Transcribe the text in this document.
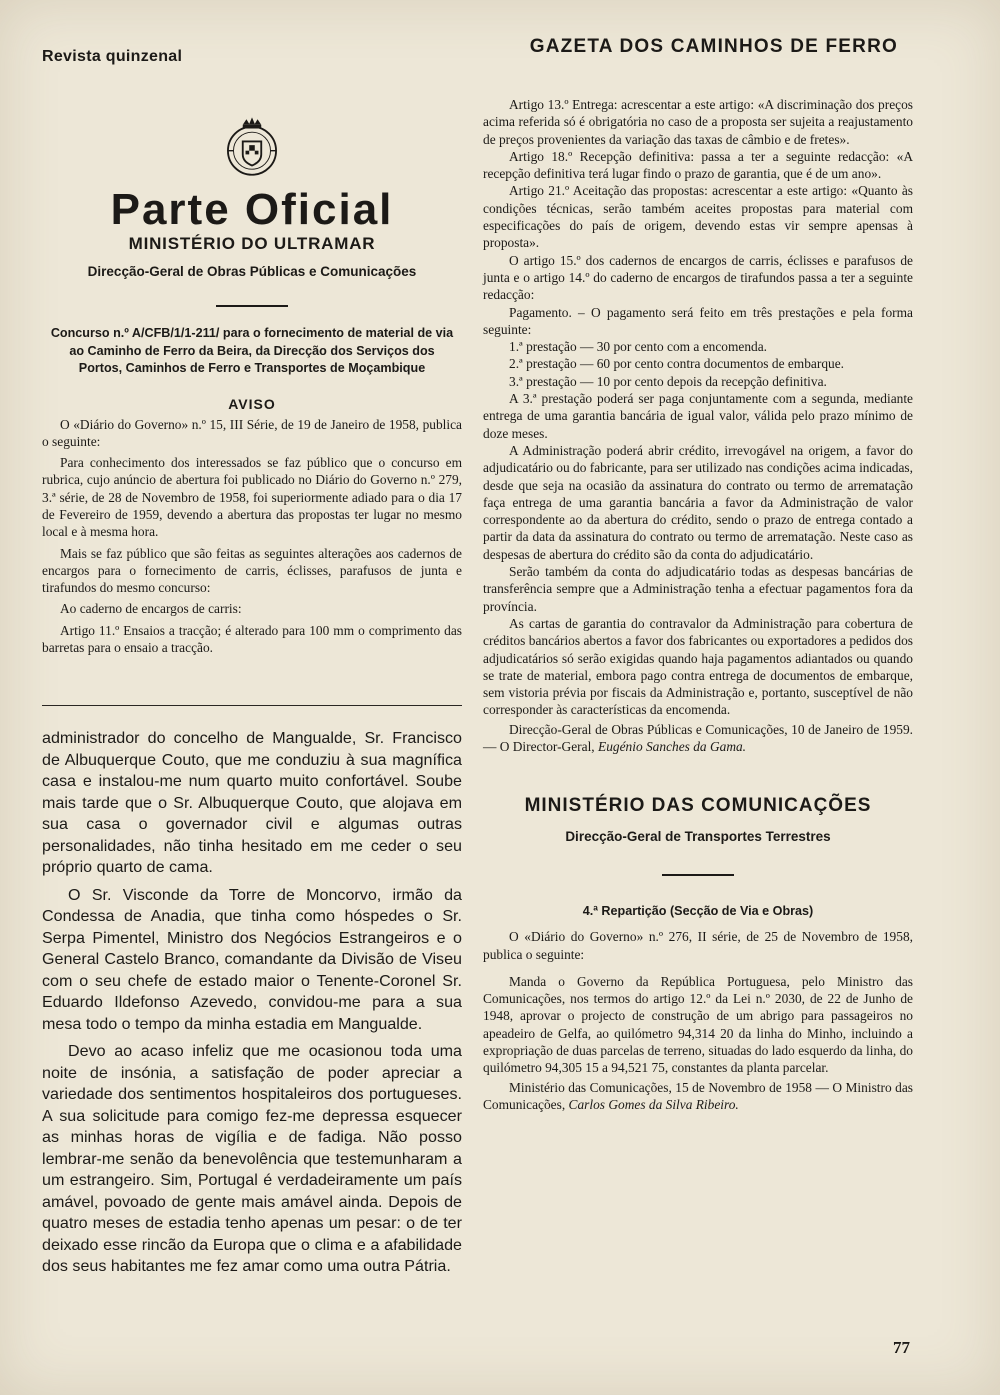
Revista quinzenal	GAZETA DOS CAMINHOS DE FERRO
Parte Oficial
MINISTÉRIO DO ULTRAMAR
Direcção-Geral de Obras Públicas e Comunicações
Concurso n.º A/CFB/1/1-211/ para o fornecimento de material de via ao Caminho de Ferro da Beira, da Direcção dos Serviços dos Portos, Caminhos de Ferro e Transportes de Moçambique
AVISO

O «Diário do Governo» n.º 15, III Série, de 19 de Janeiro de 1958, publica o seguinte:

Para conhecimento dos interessados se faz público que o concurso em rubrica, cujo anúncio de abertura foi publicado no Diário do Governo n.º 279, 3.ª série, de 28 de Novembro de 1958, foi superiormente adiado para o dia 17 de Fevereiro de 1959, devendo a abertura das propostas ter lugar no mesmo local e à mesma hora.

Mais se faz público que são feitas as seguintes alterações aos cadernos de encargos para o fornecimento de carris, éclisses, parafusos de junta e tirafundos do mesmo concurso:

Ao caderno de encargos de carris:

Artigo 11.º Ensaios a tracção; é alterado para 100 mm o comprimento das barretas para o ensaio a tracção.

administrador do concelho de Mangualde, Sr. Francisco de Albuquerque Couto, que me conduziu à sua magnífica casa e instalou-me num quarto muito confortável. Soube mais tarde que o Sr. Albuquerque Couto, que alojava em sua casa o governador civil e algumas outras personalidades, não tinha hesitado em me ceder o seu próprio quarto de cama.

O Sr. Visconde da Torre de Moncorvo, irmão da Condessa de Anadia, que tinha como hóspedes o Sr. Serpa Pimentel, Ministro dos Negócios Estrangeiros e o General Castelo Branco, comandante da Divisão de Viseu com o seu chefe de estado maior o Tenente-Coronel Sr. Eduardo Ildefonso Azevedo, convidou-me para a sua mesa todo o tempo da minha estadia em Mangualde.

Devo ao acaso infeliz que me ocasionou toda uma noite de insónia, a satisfação de poder apreciar a variedade dos sentimentos hospitaleiros dos portugueses. A sua solicitude para comigo fez-me depressa esquecer as minhas horas de vigília e de fadiga. Não posso lembrar-me senão da benevolência que testemunharam a um estrangeiro. Sim, Portugal é verdadeiramente um país amável, povoado de gente mais amável ainda. Depois de quatro meses de estadia tenho apenas um pesar: o de ter deixado esse rincão da Europa que o clima e a afabilidade dos seus habitantes me fez amar como uma outra Pátria.

Artigo 13.º Entrega: acrescentar a este artigo: «A discriminação dos preços acima referida só é obrigatória no caso de a proposta ser sujeita a reajustamento de preços provenientes da variação das taxas de câmbio e de fretes».

Artigo 18.º Recepção definitiva: passa a ter a seguinte redacção: «A recepção definitiva terá lugar findo o prazo de garantia, que é de um ano».

Artigo 21.º Aceitação das propostas: acrescentar a este artigo: «Quanto às condições técnicas, serão também aceites propostas para material com especificações do país de origem, devendo estas vir sempre apensas à proposta».

O artigo 15.º dos cadernos de encargos de carris, éclisses e parafusos de junta e o artigo 14.º do caderno de encargos de tirafundos passa a ter a seguinte redacção:

Pagamento. – O pagamento será feito em três prestações e pela forma seguinte:

1.ª prestação — 30 por cento com a encomenda.

2.ª prestação — 60 por cento contra documentos de embarque.

3.ª prestação — 10 por cento depois da recepção definitiva.

A 3.ª prestação poderá ser paga conjuntamente com a segunda, mediante entrega de uma garantia bancária de igual valor, válida pelo prazo mínimo de doze meses.

A Administração poderá abrir crédito, irrevogável na origem, a favor do adjudicatário ou do fabricante, para ser utilizado nas condições acima indicadas, desde que seja na ocasião da assinatura do contrato ou termo de arrematação faça entrega de uma garantia bancária a favor da Administração de valor correspondente ao da abertura do crédito, sendo o prazo de entrega contado a partir da data da assinatura do contrato ou termo de arrematação. Neste caso as despesas de abertura do crédito são da conta do adjudicatário.

Serão também da conta do adjudicatário todas as despesas bancárias de transferência sempre que a Administração tenha a efectuar pagamentos fora da província.

As cartas de garantia do contravalor da Administração para cobertura de créditos bancários abertos a favor dos fabricantes ou exportadores a pedidos dos adjudicatários só serão exigidas quando haja pagamentos adiantados ou quando se trate de material, embora pago contra entrega de documentos de embarque, sem vistoria prévia por fiscais da Administração e, portanto, susceptível de não corresponder às características da encomenda.

Direcção-Geral de Obras Públicas e Comunicações, 10 de Janeiro de 1959. — O Director-Geral, Eugénio Sanches da Gama.

MINISTÉRIO DAS COMUNICAÇÕES
Direcção-Geral de Transportes Terrestres
4.ª Repartição (Secção de Via e Obras)

O «Diário do Governo» n.º 276, II série, de 25 de Novembro de 1958, publica o seguinte:

Manda o Governo da República Portuguesa, pelo Ministro das Comunicações, nos termos do artigo 12.º da Lei n.º 2030, de 22 de Junho de 1948, aprovar o projecto de construção de um abrigo para passageiros no apeadeiro de Gelfa, ao quilómetro 94,314 20 da linha do Minho, incluindo a expropriação de duas parcelas de terreno, situadas do lado esquerdo da linha, do quilómetro 94,305 15 a 94,521 75, constantes da planta parcelar.

Ministério das Comunicações, 15 de Novembro de 1958 — O Ministro das Comunicações, Carlos Gomes da Silva Ribeiro.

77
